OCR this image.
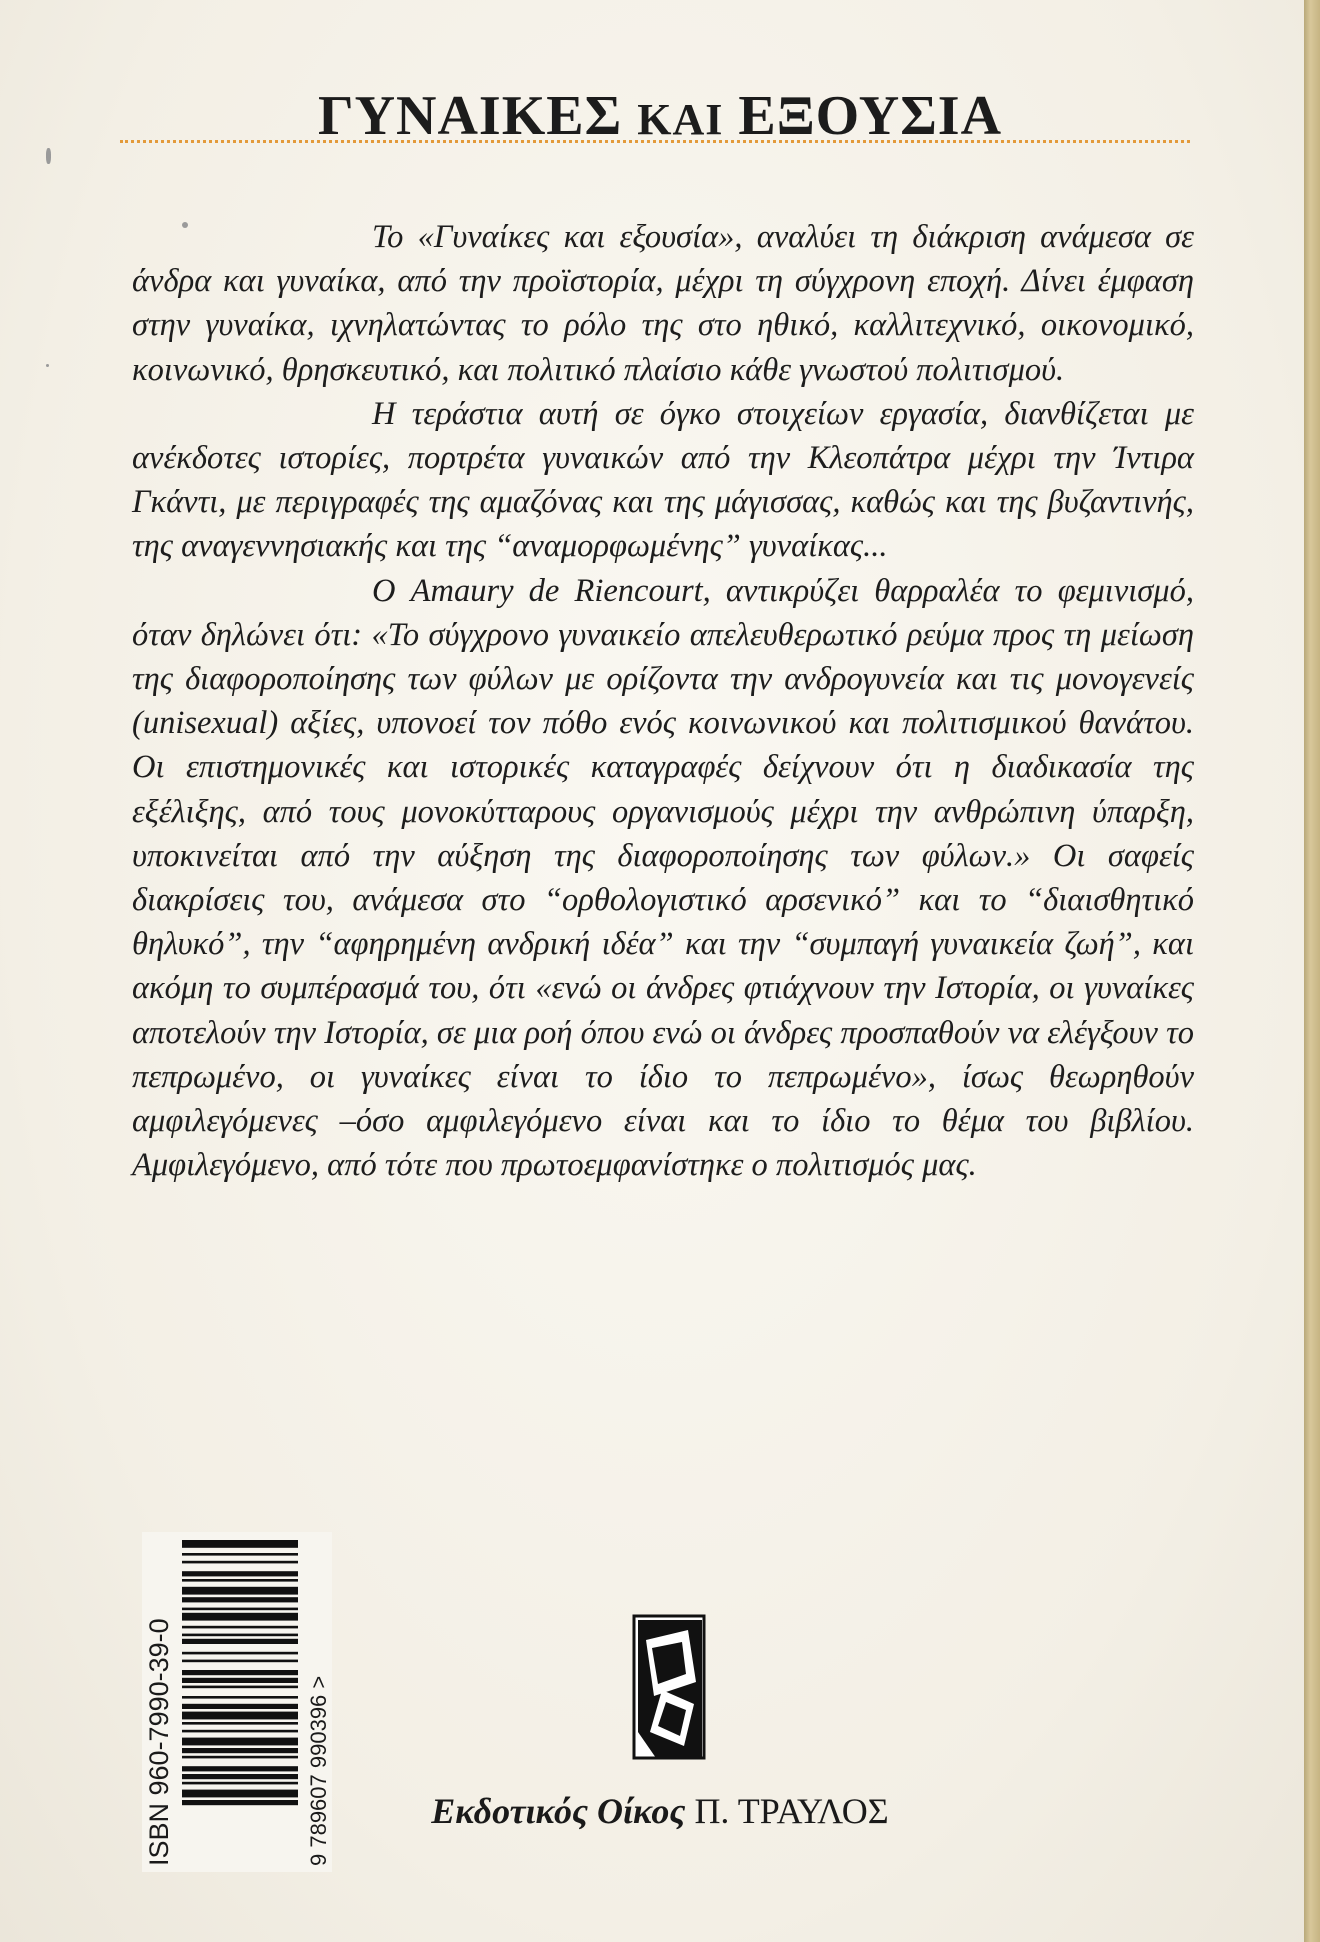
ΓΥΝΑΙΚΕΣ ΚΑΙ ΕΞΟΥΣΙΑ

Το «Γυναίκες και εξουσία», αναλύει τη διάκριση ανάμεσα σε άνδρα και γυναίκα, από την προϊστορία, μέχρι τη σύγχρονη εποχή. Δίνει έμφαση στην γυναίκα, ιχνηλατώντας το ρόλο της στο ηθικό, καλλιτεχνικό, οικονομικό, κοινωνικό, θρησκευτικό, και πολιτικό πλαίσιο κάθε γνωστού πολιτισμού.

Η τεράστια αυτή σε όγκο στοιχείων εργασία, διανθίζεται με ανέκδοτες ιστορίες, πορτρέτα γυναικών από την Κλεοπάτρα μέχρι την Ίντιρα Γκάντι, με περιγραφές της αμαζόνας και της μάγισσας, καθώς και της βυζαντινής, της αναγεννησιακής και της “αναμορφωμένης” γυναίκας...

Ο Amaury de Riencourt, αντικρύζει θαρραλέα το φεμινισμό, όταν δηλώνει ότι: «Το σύγχρονο γυναικείο απελευθερωτικό ρεύμα προς τη μείωση της διαφοροποίησης των φύλων με ορίζοντα την ανδρογυνεία και τις μονογενείς (unisexual) αξίες, υπονοεί τον πόθο ενός κοινωνικού και πολιτισμικού θανάτου. Οι επιστημονικές και ιστορικές καταγραφές δείχνουν ότι η διαδικασία της εξέλιξης, από τους μονοκύτταρους οργανισμούς μέχρι την ανθρώπινη ύπαρξη, υποκινείται από την αύξηση της διαφοροποίησης των φύλων.» Οι σαφείς διακρίσεις του, ανάμεσα στο “ορθολογιστικό αρσενικό” και το “διαισθητικό θηλυκό”, την “αφηρημένη ανδρική ιδέα” και την “συμπαγή γυναικεία ζωή”, και ακόμη το συμπέρασμά του, ότι «ενώ οι άνδρες φτιάχνουν την Ιστορία, οι γυναίκες αποτελούν την Ιστορία, σε μια ροή όπου ενώ οι άνδρες προσπαθούν να ελέγξουν το πεπρωμένο, οι γυναίκες είναι το ίδιο το πεπρωμένο», ίσως θεωρηθούν αμφιλεγόμενες –όσο αμφιλεγόμενο είναι και το ίδιο το θέμα του βιβλίου. Αμφιλεγόμενο, από τότε που πρωτοεμφανίστηκε ο πολιτισμός μας.

ISBN 960-7990-39-0	9 789607 990396 >	Εκδοτικός Οίκος Π. ΤΡΑΥΛΟΣ
